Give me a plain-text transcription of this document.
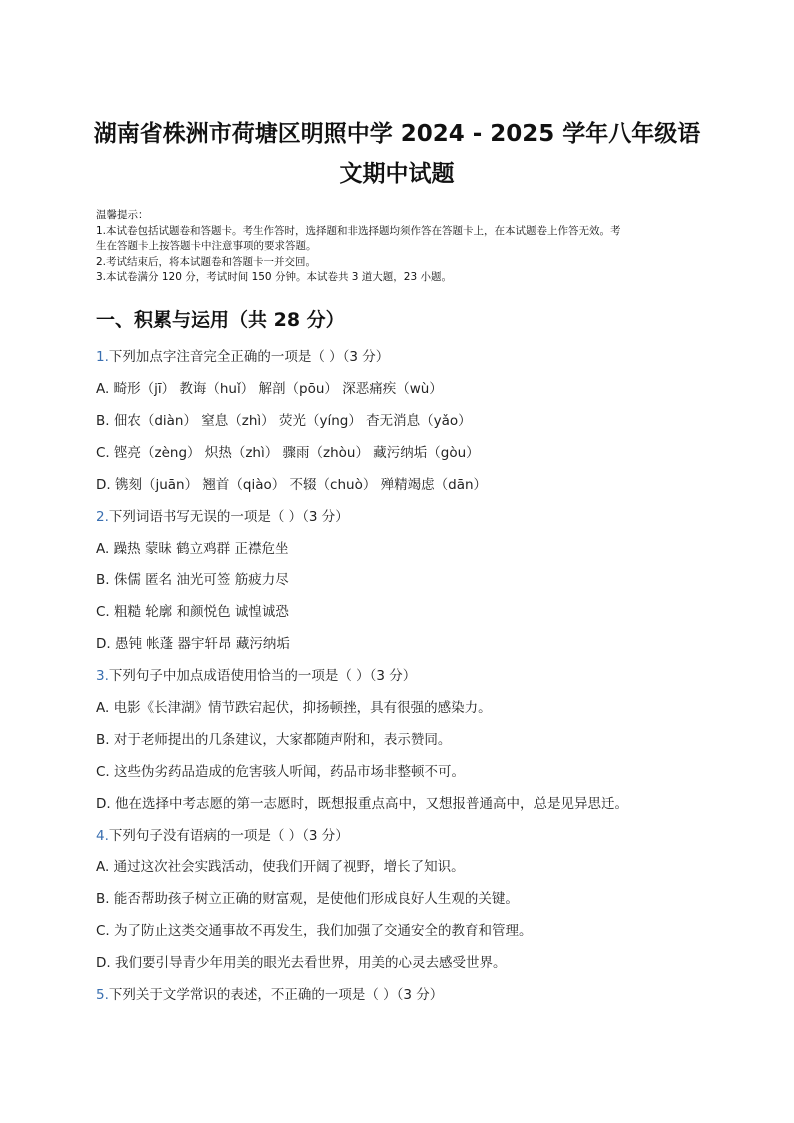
湖南省株洲市荷塘区明照中学 2024 - 2025 学年八年级语
文期中试题
温馨提示：
1.本试卷包括试题卷和答题卡。考生作答时，选择题和非选择题均须作答在答题卡上，在本试题卷上作答无效。考
生在答题卡上按答题卡中注意事项的要求答题。
2.考试结束后，将本试题卷和答题卡一并交回。
3.本试卷满分 120 分，考试时间 150 分钟。本试卷共 3 道大题，23 小题。
一、积累与运用（共 28 分）
1.下列加点字注音完全正确的一项是（ ）（3 分）
A. 畸形（jī） 教诲（huǐ） 解剖（pōu） 深恶痛疾（wù）
B. 佃农（diàn） 窒息（zhì） 荧光（yíng） 杳无消息（yǎo）
C. 铿亮（zèng） 炽热（zhì） 骤雨（zhòu） 藏污纳垢（gòu）
D. 镌刻（juān） 翘首（qiào） 不辍（chuò） 殚精竭虑（dān）
2.下列词语书写无误的一项是（ ）（3 分）
A. 躁热 蒙昧 鹤立鸡群 正襟危坐
B. 侏儒 匿名 油光可签 筋疲力尽
C. 粗糙 轮廓 和颜悦色 诚惶诚恐
D. 愚钝 帐蓬 器宇轩昂 藏污纳垢
3.下列句子中加点成语使用恰当的一项是（ ）（3 分）
A. 电影《长津湖》情节跌宕起伏，抑扬顿挫，具有很强的感染力。
B. 对于老师提出的几条建议，大家都随声附和，表示赞同。
C. 这些伪劣药品造成的危害骇人听闻，药品市场非整顿不可。
D. 他在选择中考志愿的第一志愿时，既想报重点高中，又想报普通高中，总是见异思迁。
4.下列句子没有语病的一项是（ ）（3 分）
A. 通过这次社会实践活动，使我们开阔了视野，增长了知识。
B. 能否帮助孩子树立正确的财富观，是使他们形成良好人生观的关键。
C. 为了防止这类交通事故不再发生，我们加强了交通安全的教育和管理。
D. 我们要引导青少年用美的眼光去看世界，用美的心灵去感受世界。
5.下列关于文学常识的表述，不正确的一项是（ ）（3 分）
